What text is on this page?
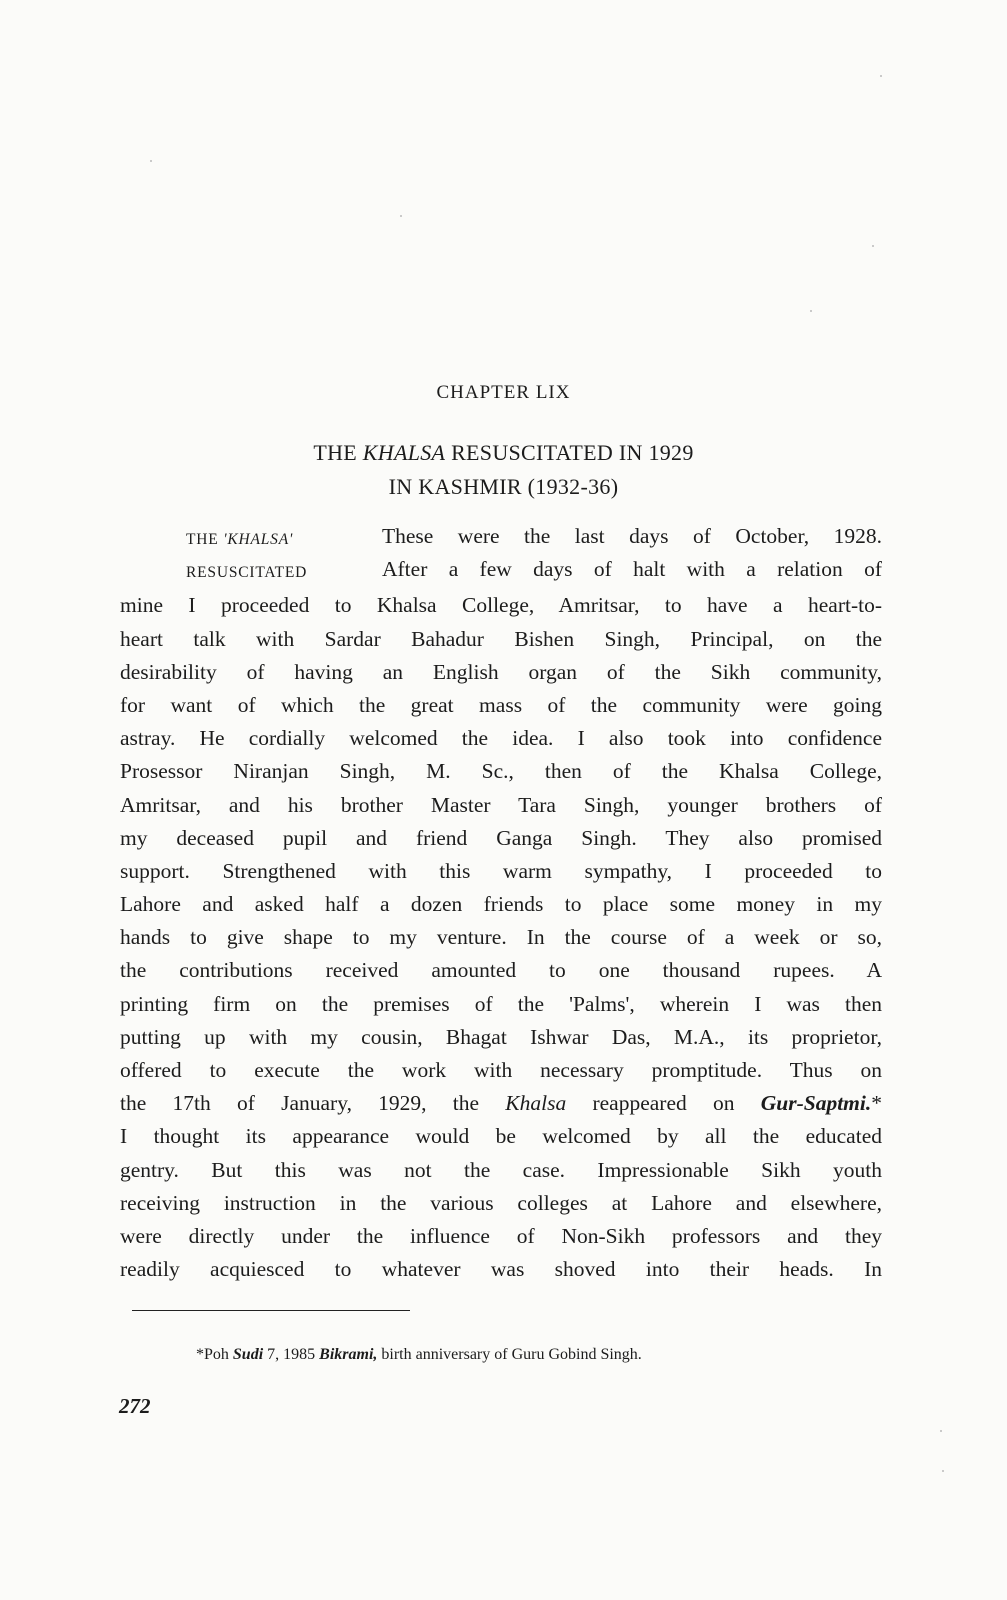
CHAPTER LIX
THE KHALSA RESUSCITATED IN 1929
IN KASHMIR (1932-36)
THE 'KHALSA'
RESUSCITATED
These were the last days of October, 1928.
After a few days of halt with a relation of
mine I proceeded to Khalsa College, Amritsar, to have a heart-to-
heart talk with Sardar Bahadur Bishen Singh, Principal, on the
desirability of having an English organ of the Sikh community,
for want of which the great mass of the community were going
astray. He cordially welcomed the idea. I also took into confidence
Prosessor Niranjan Singh, M. Sc., then of the Khalsa College,
Amritsar, and his brother Master Tara Singh, younger brothers of
my deceased pupil and friend Ganga Singh. They also promised
support. Strengthened with this warm sympathy, I proceeded to
Lahore and asked half a dozen friends to place some money in my
hands to give shape to my venture. In the course of a week or so,
the contributions received amounted to one thousand rupees. A
printing firm on the premises of the 'Palms', wherein I was then
putting up with my cousin, Bhagat Ishwar Das, M.A., its proprietor,
offered to execute the work with necessary promptitude. Thus on
the 17th of January, 1929, the Khalsa reappeared on Gur-Saptmi.*
I thought its appearance would be welcomed by all the educated
gentry. But this was not the case. Impressionable Sikh youth
receiving instruction in the various colleges at Lahore and elsewhere,
were directly under the influence of Non-Sikh professors and they
readily acquiesced to whatever was shoved into their heads. In
*Poh Sudi 7, 1985 Bikrami, birth anniversary of Guru Gobind Singh.
272
